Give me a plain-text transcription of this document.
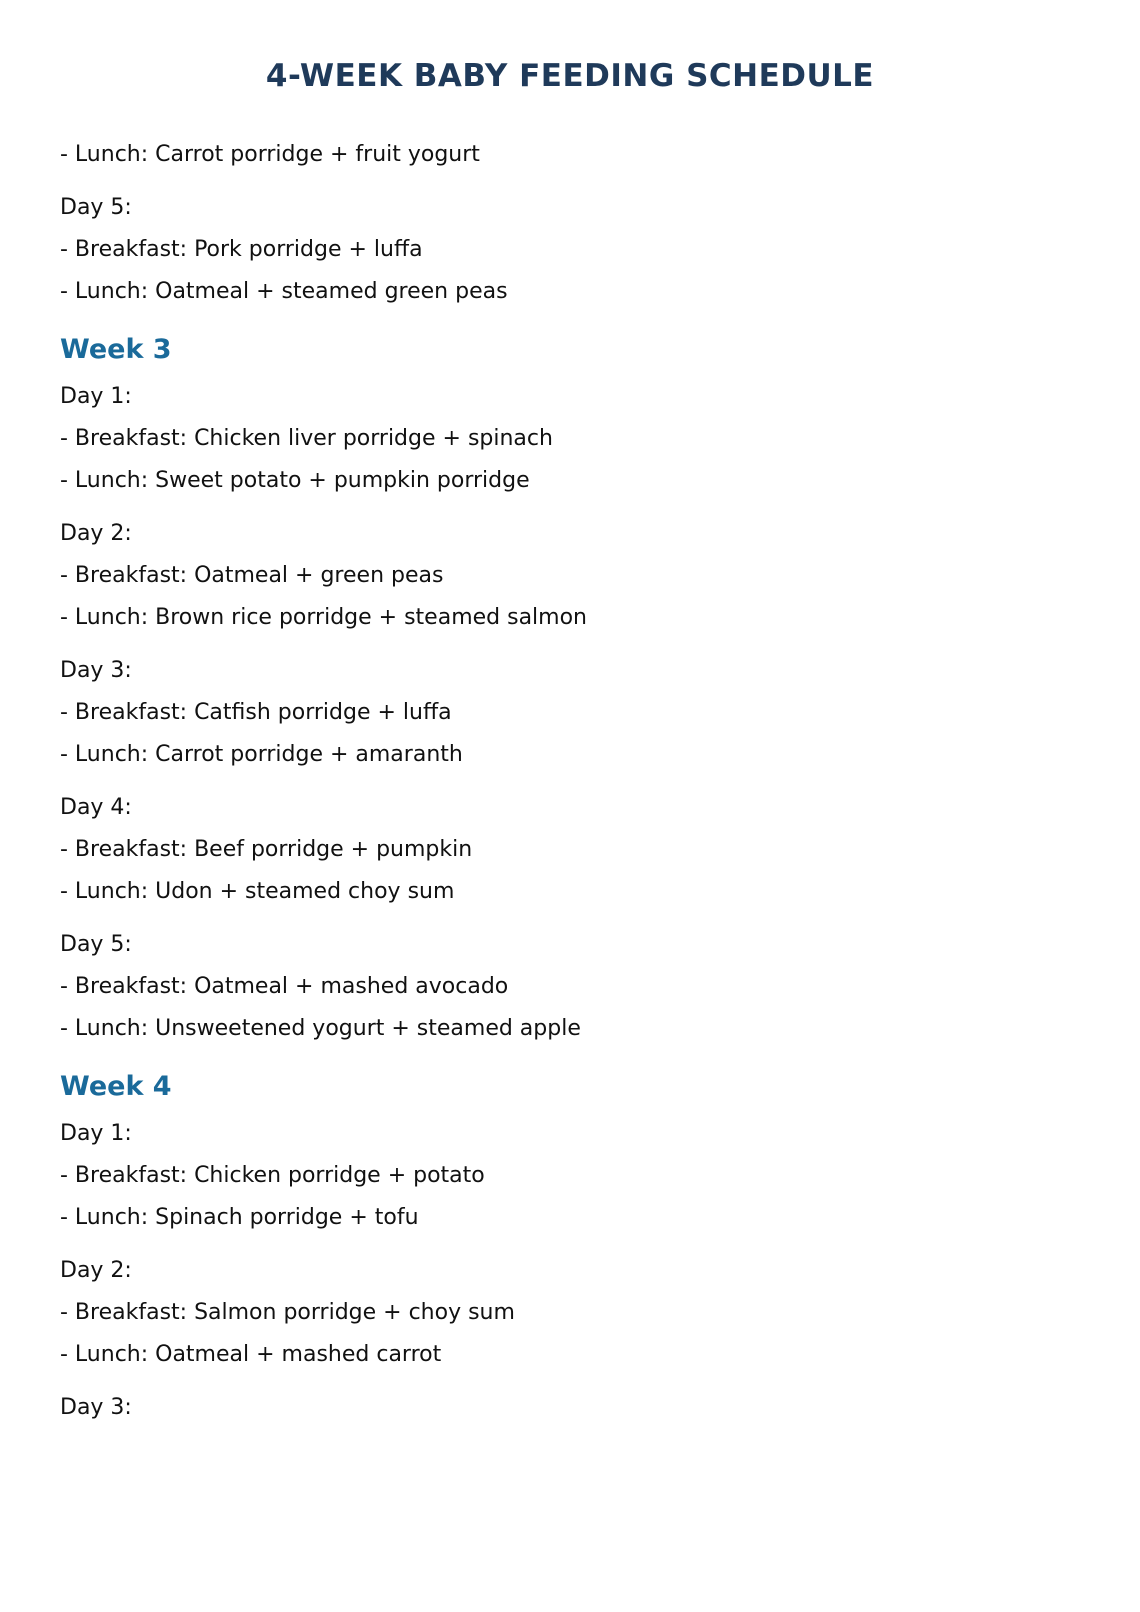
4-WEEK BABY FEEDING SCHEDULE

- Lunch: Carrot porridge + fruit yogurt

Day 5:

- Breakfast: Pork porridge + luffa

- Lunch: Oatmeal + steamed green peas

Week 3

Day 1:

- Breakfast: Chicken liver porridge + spinach

- Lunch: Sweet potato + pumpkin porridge

Day 2:

- Breakfast: Oatmeal + green peas

- Lunch: Brown rice porridge + steamed salmon

Day 3:

- Breakfast: Catfish porridge + luffa

- Lunch: Carrot porridge + amaranth

Day 4:

- Breakfast: Beef porridge + pumpkin

- Lunch: Udon + steamed choy sum

Day 5:

- Breakfast: Oatmeal + mashed avocado

- Lunch: Unsweetened yogurt + steamed apple

Week 4

Day 1:

- Breakfast: Chicken porridge + potato

- Lunch: Spinach porridge + tofu

Day 2:

- Breakfast: Salmon porridge + choy sum

- Lunch: Oatmeal + mashed carrot

Day 3:
